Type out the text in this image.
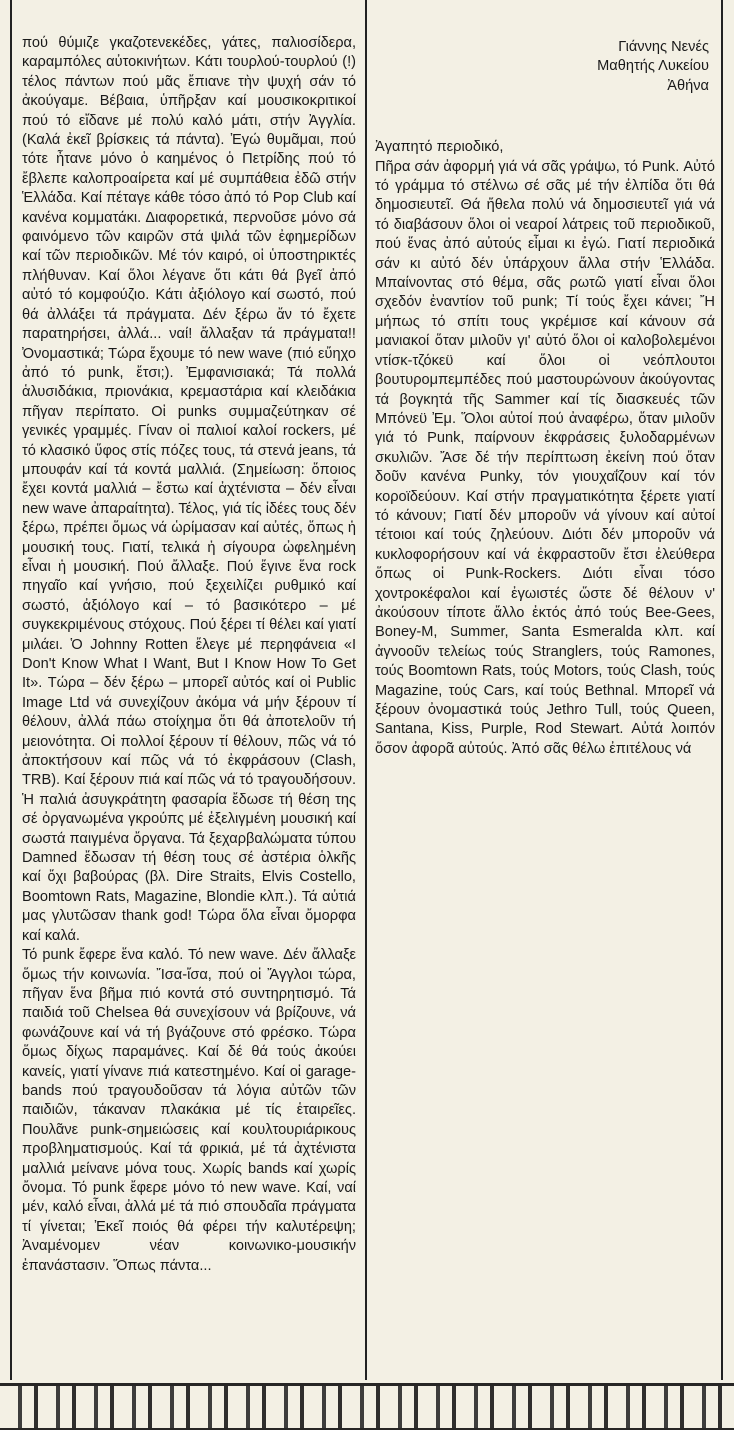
πού θύμιζε γκαζοτενεκέδες, γάτες, παλιοσίδερα, καραμπόλες αὐτοκινήτων. Κάτι τουρλού-τουρλού (!) τέλος πάντων πού μᾶς ἔπιανε τὴν ψυχή σάν τό ἀκούγαμε. Βέβαια, ὑπῆρξαν καί μουσικοκριτικοί πού τό εἴδανε μέ πολύ καλό μάτι, στήν Ἀγγλία. (Καλά ἐκεῖ βρίσκεις τά πάντα). Ἐγώ θυμᾶμαι, πού τότε ἦτανε μόνο ὁ καημένος ὁ Πετρίδης πού τό ἔβλεπε καλοπροαίρετα καί μέ συμπάθεια ἐδῶ στήν Ἑλλάδα. Καί πέταγε κάθε τόσο ἀπό τό Pop Club καί κανένα κομματάκι. Διαφορετικά, περνοῦσε μόνο σά φαινόμενο τῶν καιρῶν στά ψιλά τῶν ἐφημερίδων καί τῶν περιοδικῶν. Μέ τόν καιρό, οἱ ὑποστηρικτές πλήθυναν. Καί ὅλοι λέγανε ὅτι κάτι θά βγεῖ ἀπό αὐτό τό κομφούζιο. Κάτι ἀξιόλογο καί σωστό, πού θά ἀλλάξει τά πράγματα. Δέν ξέρω ἄν τό ἔχετε παρατηρήσει, ἀλλά... ναί! ἄλλαξαν τά πράγματα!! Ὀνομαστικά; Τώρα ἔχουμε τό new wave (πιό εὔηχο ἀπό τό punk, ἔτσι;). Ἐμφανισιακά; Τά πολλά ἁλυσιδάκια, πριονάκια, κρεμαστάρια καί κλειδάκια πῆγαν περίπατο. Οἱ punks συμμαζεύτηκαν σέ γενικές γραμμές. Γίναν οἱ παλιοί καλοί rockers, μέ τό κλασικό ὕφος στίς πόζες τους, τά στενά jeans, τά μπουφάν καί τά κοντά μαλλιά. (Σημείωση: ὅποιος ἔχει κοντά μαλλιά – ἔστω καί ἀχτένιστα – δέν εἶναι new wave ἀπαραίτητα). Τέλος, γιά τίς ἰδέες τους δέν ξέρω, πρέπει ὅμως νά ὡρίμασαν καί αὐτές, ὅπως ἡ μουσική τους. Γιατί, τελικά ἡ σίγουρα ὠφελημένη εἶναι ἡ μουσική. Πού ἄλλαξε. Πού ἔγινε ἕνα rock πηγαῖο καί γνήσιο, πού ξεχειλίζει ρυθμικό καί σωστό, ἀξιόλογο καί – τό βασικότερο – μέ συγκεκριμένους στόχους. Πού ξέρει τί θέλει καί γιατί μιλάει. Ὁ Johnny Rotten ἔλεγε μέ περηφάνεια «I Don't Know What I Want, But I Know How To Get It». Τώρα – δέν ξέρω – μπορεῖ αὐτός καί οἱ Public Image Ltd νά συνεχίζουν ἀκόμα νά μήν ξέρουν τί θέλουν, ἀλλά πάω στοίχημα ὅτι θά ἀποτελοῦν τή μειονότητα. Οἱ πολλοί ξέρουν τί θέλουν, πῶς νά τό ἀποκτήσουν καί πῶς νά τό ἐκφράσουν (Clash, TRB). Καί ξέρουν πιά καί πῶς νά τό τραγουδήσουν. Ἡ παλιά ἀσυγκράτητη φασαρία ἔδωσε τή θέση της σέ ὀργανωμένα γκρούπς μέ ἐξελιγμένη μουσική καί σωστά παιγμένα ὄργανα. Τά ξεχαρβαλώματα τύπου Damned ἔδωσαν τή θέση τους σέ ἀστέρια ὁλκῆς καί ὄχι βαβούρας (βλ. Dire Straits, Elvis Costello, Boomtown Rats, Magazine, Blondie κλπ.). Τά αὐτιά μας γλυτῶσαν thank god! Τώρα ὅλα εἶναι ὄμορφα καί καλά.

Τό punk ἔφερε ἕνα καλό. Τό new wave. Δέν ἄλλαξε ὅμως τήν κοινωνία. Ἴσα-ἴσα, πού οἱ Ἄγγλοι τώρα, πῆγαν ἕνα βῆμα πιό κοντά στό συντηρητισμό. Τά παιδιά τοῦ Chelsea θά συνεχίσουν νά βρίζουνε, νά φωνάζουνε καί νά τή βγάζουνε στό φρέσκο. Τώρα ὅμως δίχως παραμάνες. Καί δέ θά τούς ἀκούει κανείς, γιατί γίνανε πιά κατεστημένο. Καί οἱ garage-bands πού τραγουδοῦσαν τά λόγια αὐτῶν τῶν παιδιῶν, τάκαναν πλακάκια μέ τίς ἑταιρεῖες. Πουλᾶνε punk-σημειώσεις καί κουλτουριάρικους προβληματισμούς. Καί τά φρικιά, μέ τά ἀχτένιστα μαλλιά μείνανε μόνα τους. Χωρίς bands καί χωρίς ὄνομα. Τό punk ἔφερε μόνο τό new wave. Καί, ναί μέν, καλό εἶναι, ἀλλά μέ τά πιό σπουδαῖα πράγματα τί γίνεται; Ἐκεῖ ποιός θά φέρει τήν καλυτέρεψη; Ἀναμένομεν νέαν κοινωνικο-μουσικήν ἐπανάστασιν. Ὅπως πάντα...

Γιάννης Νενές
Μαθητής Λυκείου
Ἀθήνα

Ἀγαπητό περιοδικό,

Πῆρα σάν ἀφορμή γιά νά σᾶς γράψω, τό Punk. Αὐτό τό γράμμα τό στέλνω σέ σᾶς μέ τήν ἐλπίδα ὅτι θά δημοσιευτεῖ. Θά ἤθελα πολύ νά δημοσιευτεῖ γιά νά τό διαβάσουν ὅλοι οἱ νεαροί λάτρεις τοῦ περιοδικοῦ, πού ἕνας ἀπό αὐτούς εἶμαι κι ἐγώ. Γιατί περιοδικά σάν κι αὐτό δέν ὑπάρχουν ἄλλα στήν Ἑλλάδα. Μπαίνοντας στό θέμα, σᾶς ρωτῶ γιατί εἶναι ὅλοι σχεδόν ἐναντίον τοῦ punk; Τί τούς ἔχει κάνει; Ἤ μήπως τό σπίτι τους γκρέμισε καί κάνουν σά μανιακοί ὅταν μιλοῦν γι' αὐτό ὅλοι οἱ καλοβολεμένοι ντίσκ-τζόκεϋ καί ὅλοι οἱ νεόπλουτοι βουτυρομπεμπέδες πού μαστουρώνουν ἀκούγοντας τά βογκητά τῆς Sammer καί τίς διασκευές τῶν Μπόνεϋ Ἐμ. Ὅλοι αὐτοί πού ἀναφέρω, ὅταν μιλοῦν γιά τό Punk, παίρνουν ἐκφράσεις ξυλοδαρμένων σκυλιῶν. Ἄσε δέ τήν περίπτωση ἐκείνη πού ὅταν δοῦν κανένα Punky, τόν γιουχαΐζουν καί τόν κοροϊδεύουν. Καί στήν πραγματικότητα ξέρετε γιατί τό κάνουν; Γιατί δέν μποροῦν νά γίνουν καί αὐτοί τέτοιοι καί τούς ζηλεύουν. Διότι δέν μποροῦν νά κυκλοφορήσουν καί νά ἐκφραστοῦν ἔτσι ἐλεύθερα ὅπως οἱ Punk-Rockers. Διότι εἶναι τόσο χοντροκέφαλοι καί ἐγωιστές ὥστε δέ θέλουν ν' ἀκούσουν τίποτε ἄλλο ἐκτός ἀπό τούς Bee-Gees, Boney-M, Summer, Santa Esmeralda κλπ. καί ἀγνοοῦν τελείως τούς Stranglers, τούς Ramones, τούς Boomtown Rats, τούς Motors, τούς Clash, τούς Magazine, τούς Cars, καί τούς Bethnal. Μπορεῖ νά ξέρουν ὀνομαστικά τούς Jethro Tull, τούς Queen, Santana, Kiss, Purple, Rod Stewart. Αὐτά λοιπόν ὅσον ἀφορᾶ αὐτούς. Ἀπό σᾶς θέλω ἐπιτέλους νά
